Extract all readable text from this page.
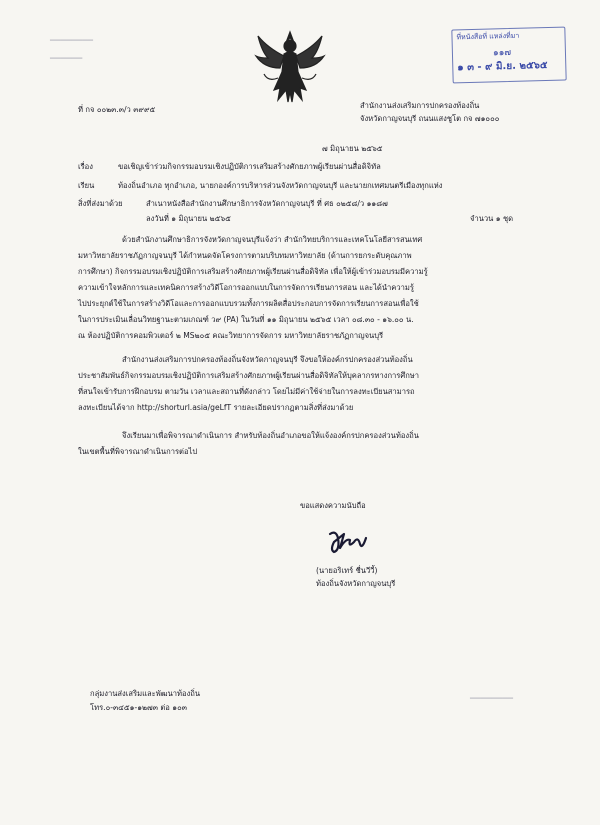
▁▁▁▁▁▁▁▁
▁▁▁▁▁▁
ที่หนังสือที่ แหล่งที่มา
๑๑๗
๑ ๓ - ๙ มิ.ย. ๒๕๖๕
ที่ กจ ๐๐๒๓.๓/ว ๓๙๙๕	สำนักงานส่งเสริมการปกครองท้องถิ่น
จังหวัดกาญจนบุรี ถนนแสงชูโต กจ ๗๑๐๐๐
๗ มิถุนายน ๒๕๖๕
เรื่อง	ขอเชิญเข้าร่วมกิจกรรมอบรมเชิงปฏิบัติการเสริมสร้างศักยภาพผู้เรียนผ่านสื่อดิจิทัล
เรียน	ท้องถิ่นอำเภอ ทุกอำเภอ, นายกองค์การบริหารส่วนจังหวัดกาญจนบุรี และนายกเทศมนตรีเมืองทุกแห่ง
สิ่งที่ส่งมาด้วย	สำเนาหนังสือสำนักงานศึกษาธิการจังหวัดกาญจนบุรี ที่ ศธ ๐๒๕๘/ว ๑๑๘๗
ลงวันที่ ๑ มิถุนายน ๒๕๖๕	จำนวน ๑ ชุด
ด้วยสำนักงานศึกษาธิการจังหวัดกาญจนบุรีแจ้งว่า สำนักวิทยบริการและเทคโนโลยีสารสนเทศ
มหาวิทยาลัยราชภัฏกาญจนบุรี ได้กำหนดจัดโครงการตามบริบทมหาวิทยาลัย (ด้านการยกระดับคุณภาพ
การศึกษา) กิจกรรมอบรมเชิงปฏิบัติการเสริมสร้างศักยภาพผู้เรียนผ่านสื่อดิจิทัล เพื่อให้ผู้เข้าร่วมอบรมมีความรู้
ความเข้าใจหลักการและเทคนิคการสร้างวิดีโอการออกแบบในการจัดการเรียนการสอน และได้นำความรู้
ไปประยุกต์ใช้ในการสร้างวิดีโอและการออกแบบรวมทั้งการผลิตสื่อประกอบการจัดการเรียนการสอนเพื่อใช้
ในการประเมินเลื่อนวิทยฐานะตามเกณฑ์ ว๙ (PA) ในวันที่ ๑๑ มิถุนายน ๒๕๖๕ เวลา ๐๘.๓๐ - ๑๖.๐๐ น.
ณ ห้องปฏิบัติการคอมพิวเตอร์ ๒ MS๒๐๕ คณะวิทยาการจัดการ มหาวิทยาลัยราชภัฏกาญจนบุรี
สำนักงานส่งเสริมการปกครองท้องถิ่นจังหวัดกาญจนบุรี จึงขอให้องค์กรปกครองส่วนท้องถิ่น
ประชาสัมพันธ์กิจกรรมอบรมเชิงปฏิบัติการเสริมสร้างศักยภาพผู้เรียนผ่านสื่อดิจิทัลให้บุคลากรทางการศึกษา
ที่สนใจเข้ารับการฝึกอบรม ตามวัน เวลาและสถานที่ดังกล่าว โดยไม่มีค่าใช้จ่ายในการลงทะเบียนสามารถ
ลงทะเบียนได้จาก http://shorturl.asia/geLfT รายละเอียดปรากฏตามสิ่งที่ส่งมาด้วย
จึงเรียนมาเพื่อพิจารณาดำเนินการ สำหรับท้องถิ่นอำเภอขอให้แจ้งองค์กรปกครองส่วนท้องถิ่น
ในเขตพื้นที่พิจารณาดำเนินการต่อไป
ขอแสดงความนับถือ
(นายอริเทร์ ชื่นวีวี้)
ท้องถิ่นจังหวัดกาญจนบุรี
กลุ่มงานส่งเสริมและพัฒนาท้องถิ่น
โทร.๐-๓๔๕๑-๑๒๗๓ ต่อ ๑๐๓
▁▁▁▁▁▁▁▁
